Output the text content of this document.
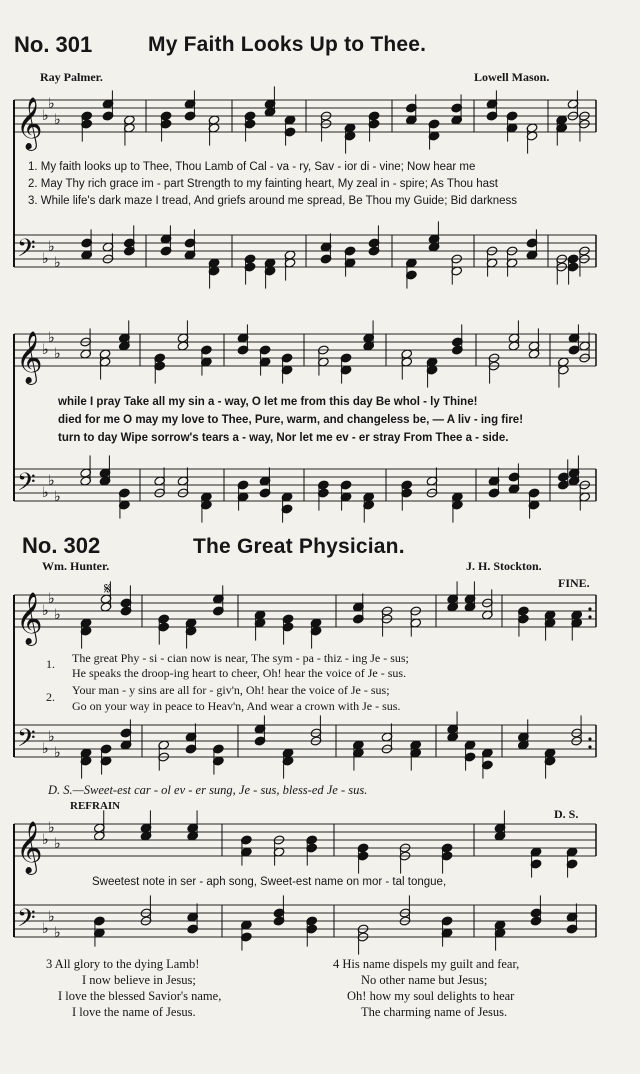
𝄞
𝄢
♭
♭
♭
♭
♭
♭
𝄞
𝄢
♭
♭
♭
♭
♭
♭
𝄞
𝄢
♭
♭
♭
♭
♭
♭
𝄞
𝄢
♭
♭
♭
♭
♭
♭
𝄋
No. 301	My Faith Looks Up to Thee.
Ray Palmer.	Lowell Mason.
1. My faith looks up to Thee, Thou Lamb of Cal - va - ry, Sav - ior di - vine; Now hear me
2. May Thy rich grace im - part Strength to my fainting heart, My zeal in - spire; As Thou hast
3. While life's dark maze I tread, And griefs around me spread, Be Thou my Guide; Bid darkness
while I pray Take all my sin a - way, O let me from this day Be whol - ly Thine!
died for me O may my love to Thee, Pure, warm, and changeless be, — A liv - ing fire!
turn to day Wipe sorrow's tears a - way, Nor let me ev - er stray From Thee a - side.
No. 302	The Great Physician.
Wm. Hunter.	J. H. Stockton.
FINE.
1. The great Phy - si - cian now is near, The sym - pa - thiz - ing Je - sus;
He speaks the droop-ing heart to cheer, Oh! hear the voice of Je - sus.
2. Your man - y sins are all for - giv'n, Oh! hear the voice of Je - sus;
Go on your way in peace to Heav'n, And wear a crown with Je - sus.
D. S.—Sweet-est car - ol ev - er sung, Je - sus, bless-ed Je - sus.
REFRAIN
D. S.
Sweetest note in ser - aph song, Sweet-est name on mor - tal tongue,
3 All glory to the dying Lamb!
I now believe in Jesus;
I love the blessed Savior's name,
I love the name of Jesus.
4 His name dispels my guilt and fear,
No other name but Jesus;
Oh! how my soul delights to hear
The charming name of Jesus.
